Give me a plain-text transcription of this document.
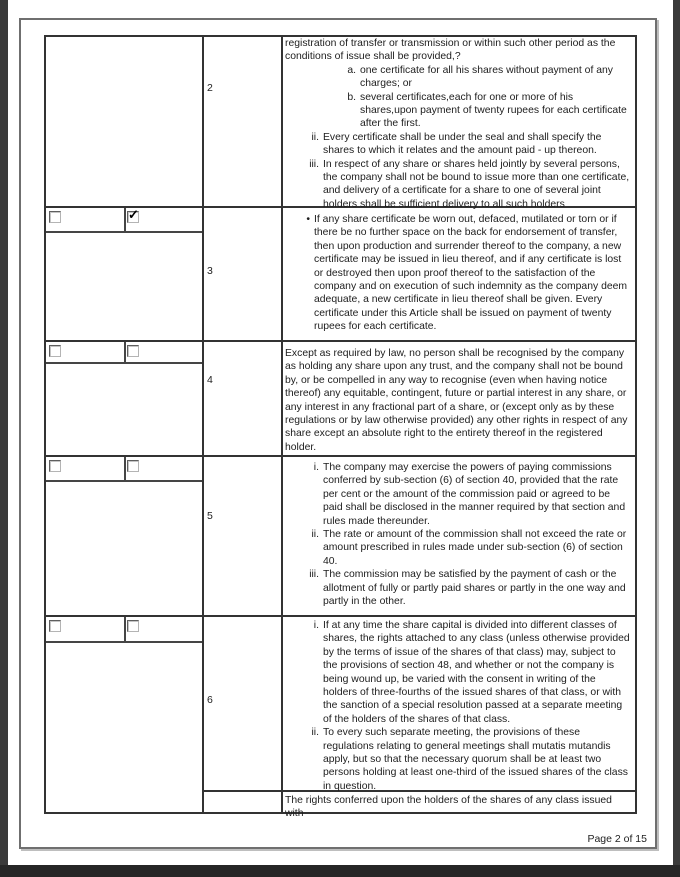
2
registration of transfer or transmission or within such other period as the conditions of issue shall be provided,?
a. one certificate for all his shares without payment of any charges; or
b. several certificates,each for one or more of his shares,upon payment of twenty rupees for each certificate after the first.
ii. Every certificate shall be under the seal and shall specify the shares to which it relates and the amount paid - up thereon.
iii. In respect of any share or shares held jointly by several persons, the company shall not be bound to issue more than one certificate, and delivery of a certificate for a share to one of several joint holders shall be sufficient delivery to all such holders
3
✓	• If any share certificate be worn out, defaced, mutilated or torn or if there be no further space on the back for endorsement of transfer, then upon production and surrender thereof to the company, a new certificate may be issued in lieu thereof, and if any certificate is lost or destroyed then upon proof thereof to the satisfaction of the company and on execution of such indemnity as the company deem adequate, a new certificate in lieu thereof shall be given. Every certificate under this Article shall be issued on payment of twenty rupees for each certificate.
4
Except as required by law, no person shall be recognised by the company as holding any share upon any trust, and the company shall not be bound by, or be compelled in any way to recognise (even when having notice thereof) any equitable, contingent, future or partial interest in any share, or any interest in any fractional part of a share, or (except only as by these regulations or by law otherwise provided) any other rights in respect of any share except an absolute right to the entirety thereof in the registered holder.
5
i. The company may exercise the powers of paying commissions conferred by sub-section (6) of section 40, provided that the rate per cent or the amount of the commission paid or agreed to be paid shall be disclosed in the manner required by that section and rules made thereunder.
ii. The rate or amount of the commission shall not exceed the rate or amount prescribed in rules made under sub-section (6) of section 40.
iii. The commission may be satisfied by the payment of cash or the allotment of fully or partly paid shares or partly in the one way and partly in the other.
6
i. If at any time the share capital is divided into different classes of shares, the rights attached to any class (unless otherwise provided by the terms of issue of the shares of that class) may, subject to the provisions of section 48, and whether or not the company is being wound up, be varied with the consent in writing of the holders of three-fourths of the issued shares of that class, or with the sanction of a special resolution passed at a separate meeting of the holders of the shares of that class.
ii. To every such separate meeting, the provisions of these regulations relating to general meetings shall mutatis mutandis apply, but so that the necessary quorum shall be at least two persons holding at least one-third of the issued shares of the class in question.
The rights conferred upon the holders of the shares of any class issued with
Page 2 of 15
